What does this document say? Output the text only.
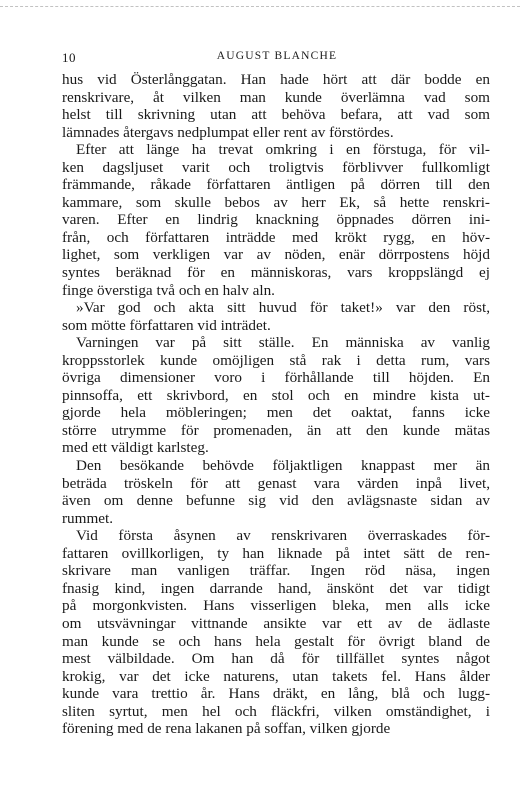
10	AUGUST BLANCHE

hus vid Österlånggatan. Han hade hört att där bodde en
renskrivare, åt vilken man kunde överlämna vad som
helst till skrivning utan att behöva befara, att vad som
lämnades återgavs nedplumpat eller rent av förstördes.

Efter att länge ha trevat omkring i en förstuga, för vil-
ken dagsljuset varit och troligtvis förblivver fullkomligt
främmande, råkade författaren äntligen på dörren till den
kammare, som skulle bebos av herr Ek, så hette renskri-
varen. Efter en lindrig knackning öppnades dörren ini-
från, och författaren inträdde med krökt rygg, en höv-
lighet, som verkligen var av nöden, enär dörrpostens höjd
syntes beräknad för en människoras, vars kroppslängd ej
finge överstiga två och en halv aln.

»Var god och akta sitt huvud för taket!» var den röst,
som mötte författaren vid inträdet.

Varningen var på sitt ställe. En människa av vanlig
kroppsstorlek kunde omöjligen stå rak i detta rum, vars
övriga dimensioner voro i förhållande till höjden. En
pinnsoffa, ett skrivbord, en stol och en mindre kista ut-
gjorde hela möbleringen; men det oaktat, fanns icke
större utrymme för promenaden, än att den kunde mätas
med ett väldigt karlsteg.

Den besökande behövde följaktligen knappast mer än
beträda tröskeln för att genast vara värden inpå livet,
även om denne befunne sig vid den avlägsnaste sidan av
rummet.

Vid första åsynen av renskrivaren överraskades för-
fattaren ovillkorligen, ty han liknade på intet sätt de ren-
skrivare man vanligen träffar. Ingen röd näsa, ingen
fnasig kind, ingen darrande hand, änskönt det var tidigt
på morgonkvisten. Hans visserligen bleka, men alls icke
om utsvävningar vittnande ansikte var ett av de ädlaste
man kunde se och hans hela gestalt för övrigt bland de
mest välbildade. Om han då för tillfället syntes något
krokig, var det icke naturens, utan takets fel. Hans ålder
kunde vara trettio år. Hans dräkt, en lång, blå och lugg-
sliten syrtut, men hel och fläckfri, vilken omständighet, i
förening med de rena lakanen på soffan, vilken gjorde
